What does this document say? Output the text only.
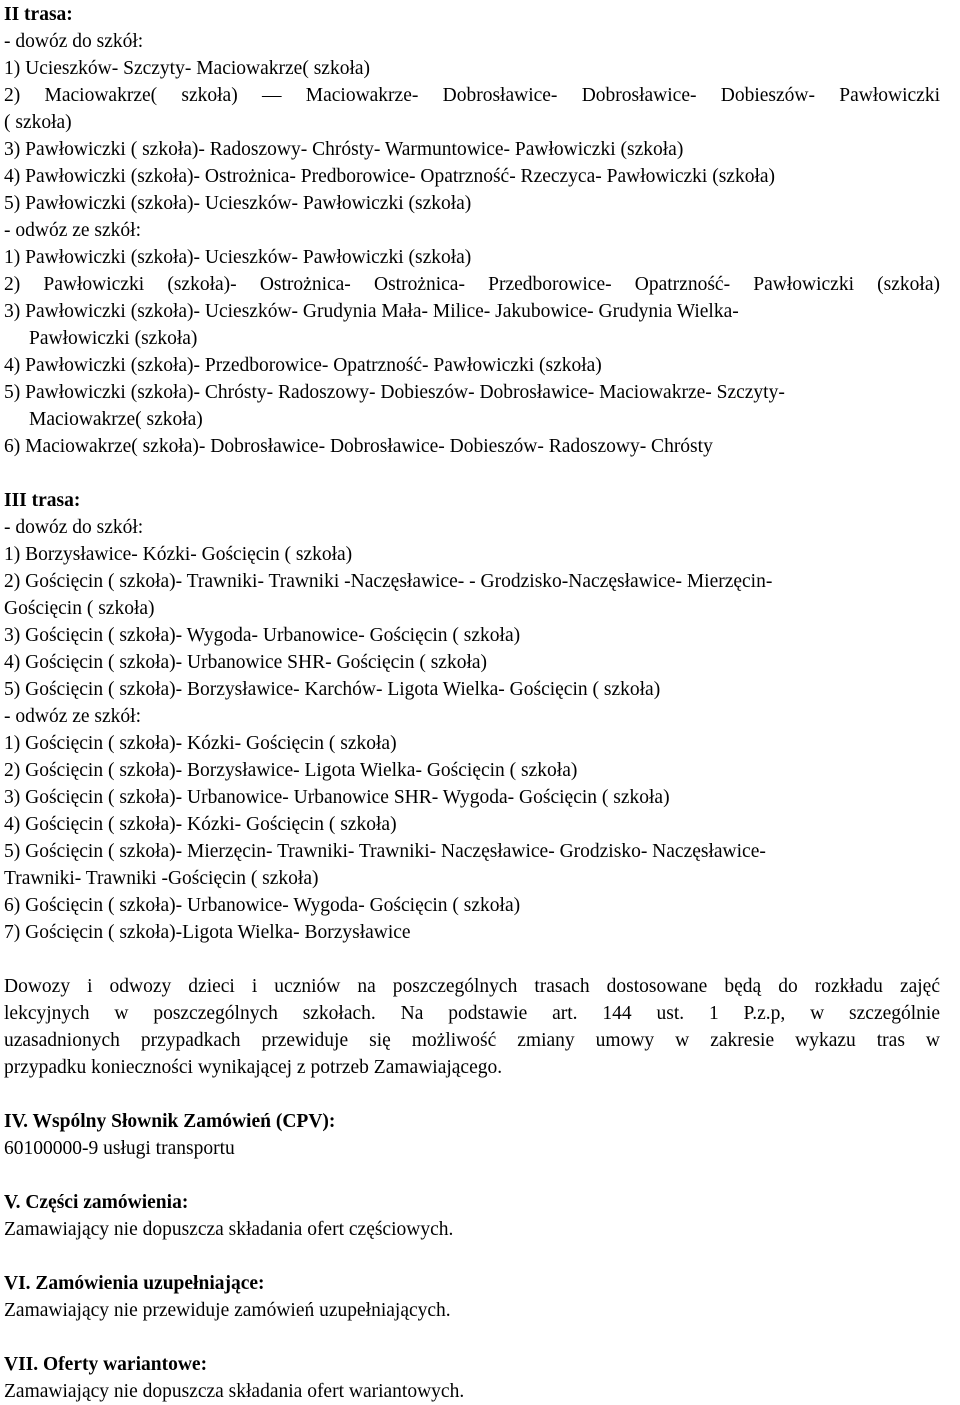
II trasa:
- dowóz do szkół:
1) Ucieszków- Szczyty- Maciowakrze( szkoła)
2) Maciowakrze( szkoła) — Maciowakrze- Dobrosławice- Dobrosławice- Dobieszów- Pawłowiczki
( szkoła)
3) Pawłowiczki ( szkoła)- Radoszowy- Chrósty- Warmuntowice- Pawłowiczki (szkoła)
4) Pawłowiczki (szkoła)- Ostrożnica- Predborowice- Opatrzność- Rzeczyca- Pawłowiczki (szkoła)
5) Pawłowiczki (szkoła)- Ucieszków- Pawłowiczki (szkoła)
- odwóz ze szkół:
1) Pawłowiczki (szkoła)- Ucieszków- Pawłowiczki (szkoła)
2) Pawłowiczki (szkoła)- Ostrożnica- Ostrożnica- Przedborowice- Opatrzność- Pawłowiczki (szkoła)
3) Pawłowiczki (szkoła)- Ucieszków- Grudynia Mała- Milice- Jakubowice- Grudynia Wielka-
Pawłowiczki (szkoła)
4) Pawłowiczki (szkoła)- Przedborowice- Opatrzność- Pawłowiczki (szkoła)
5) Pawłowiczki (szkoła)- Chrósty- Radoszowy- Dobieszów- Dobrosławice- Maciowakrze- Szczyty-
Maciowakrze( szkoła)
6) Maciowakrze( szkoła)- Dobrosławice- Dobrosławice- Dobieszów- Radoszowy- Chrósty
III trasa:
- dowóz do szkół:
1) Borzysławice- Kózki- Gościęcin ( szkoła)
2) Gościęcin ( szkoła)- Trawniki- Trawniki -Naczęsławice- - Grodzisko-Naczęsławice- Mierzęcin-
Gościęcin ( szkoła)
3) Gościęcin ( szkoła)- Wygoda- Urbanowice- Gościęcin ( szkoła)
4) Gościęcin ( szkoła)- Urbanowice SHR- Gościęcin ( szkoła)
5) Gościęcin ( szkoła)- Borzysławice- Karchów- Ligota Wielka- Gościęcin ( szkoła)
- odwóz ze szkół:
1) Gościęcin ( szkoła)- Kózki- Gościęcin ( szkoła)
2) Gościęcin ( szkoła)- Borzysławice- Ligota Wielka- Gościęcin ( szkoła)
3) Gościęcin ( szkoła)- Urbanowice- Urbanowice SHR- Wygoda- Gościęcin ( szkoła)
4) Gościęcin ( szkoła)- Kózki- Gościęcin ( szkoła)
5) Gościęcin ( szkoła)- Mierzęcin- Trawniki- Trawniki- Naczęsławice- Grodzisko- Naczęsławice-
Trawniki- Trawniki -Gościęcin ( szkoła)
6) Gościęcin ( szkoła)- Urbanowice- Wygoda- Gościęcin ( szkoła)
7) Gościęcin ( szkoła)-Ligota Wielka- Borzysławice
Dowozy i odwozy dzieci i uczniów na poszczególnych trasach dostosowane będą do rozkładu zajęć
lekcyjnych w poszczególnych szkołach. Na podstawie art. 144 ust. 1 P.z.p, w szczególnie
uzasadnionych przypadkach przewiduje się możliwość zmiany umowy w zakresie wykazu tras w
przypadku konieczności wynikającej z potrzeb Zamawiającego.
IV. Wspólny Słownik Zamówień (CPV):
60100000-9 usługi transportu
V. Części zamówienia:
Zamawiający nie dopuszcza składania ofert częściowych.
VI. Zamówienia uzupełniające:
Zamawiający nie przewiduje zamówień uzupełniających.
VII. Oferty wariantowe:
Zamawiający nie dopuszcza składania ofert wariantowych.
